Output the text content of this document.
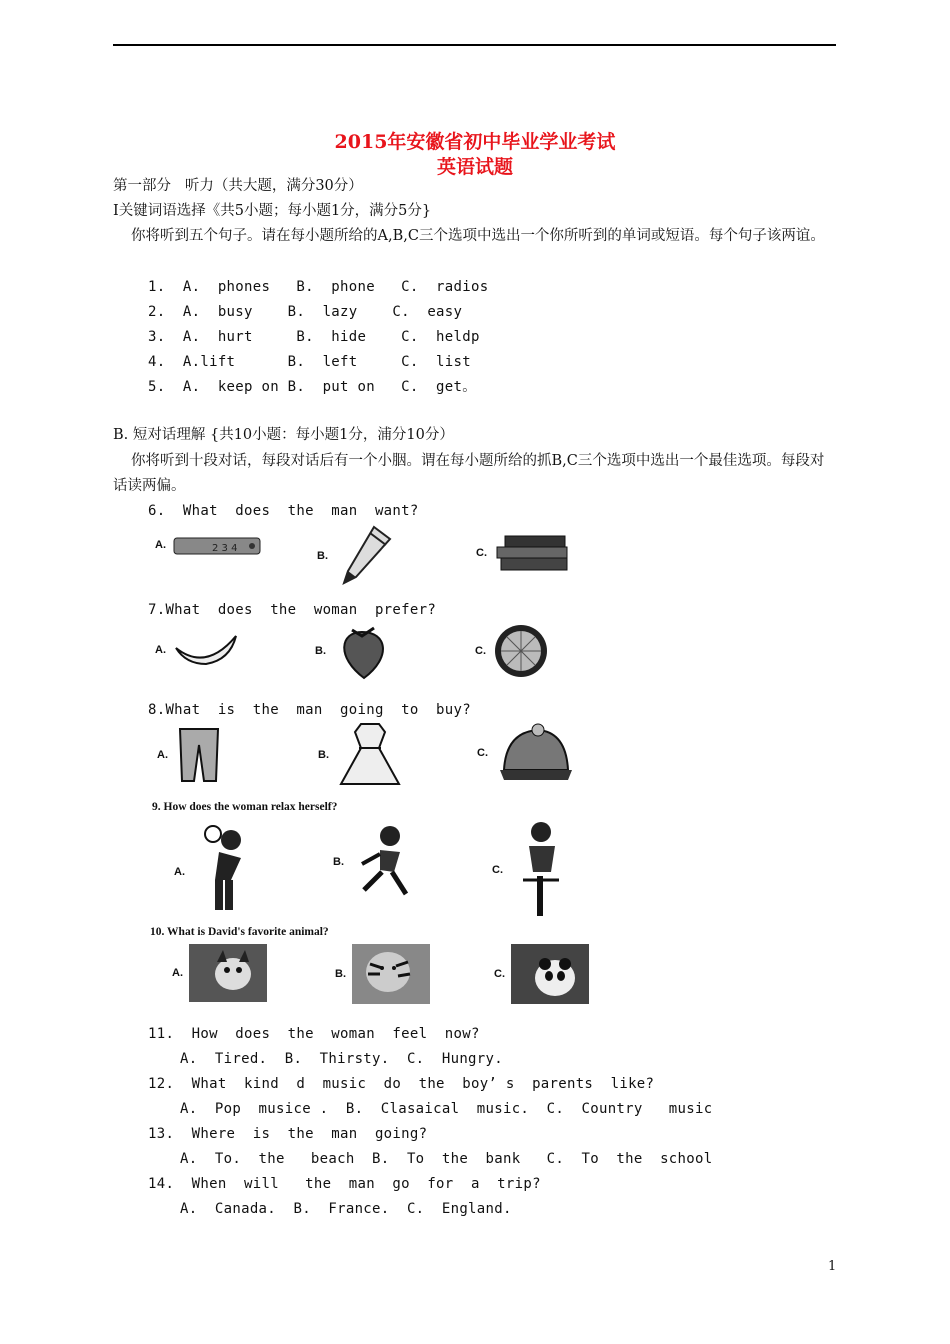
2015年安徽省初中毕业学业考试
英语试题
第一部分   听力（共大题，满分30分）
I关键词语选择《共5小题；每小题1分，满分5分}
你将听到五个句子。请在每小题所给的A,B,C三个选项中选出一个你所听到的单词或短语。每个句子该两谊。
1.  A.  phones   B.  phone   C.  radios
2.  A.  busy    B.  lazy    C.  easy
3.  A.  hurt     B.  hide    C.  heldp
4.  A.lift      B.  left     C.  list
5.  A.  keep on B.  put on   C.  get。
B. 短对话理解 {共10小题：每小题1分，浦分10分）
你将听到十段对话，每段对话后有一个小胭。谓在每小题所给的抓B,C三个选项中选出一个最佳选项。每段对话读两偏。
6.  What  does  the  man  want?
A.	2 3 4
B.	C.
7.What  does  the  woman  prefer?
A.	B.	C.
8.What  is  the  man  going  to  buy?
A.	B.	C.
9. How does the woman relax herself?
A.
B.
C.
10. What is David's favorite animal?
A.	B.	C.
11.  How  does  the  woman  feel  now?
A.  Tired.  B.  Thirsty.  C.  Hungry.
12.  What  kind  d  music  do  the  boy’ s  parents  like?
A.  Pop  musice .  B.  Clasaical  music.  C.  Country   music
13.  Where  is  the  man  going?
A.  To.  the   beach  B.  To  the  bank   C.  To  the  school
14.  When  will   the  man  go  for  a  trip?
A.  Canada.  B.  France.  C.  England.
1
